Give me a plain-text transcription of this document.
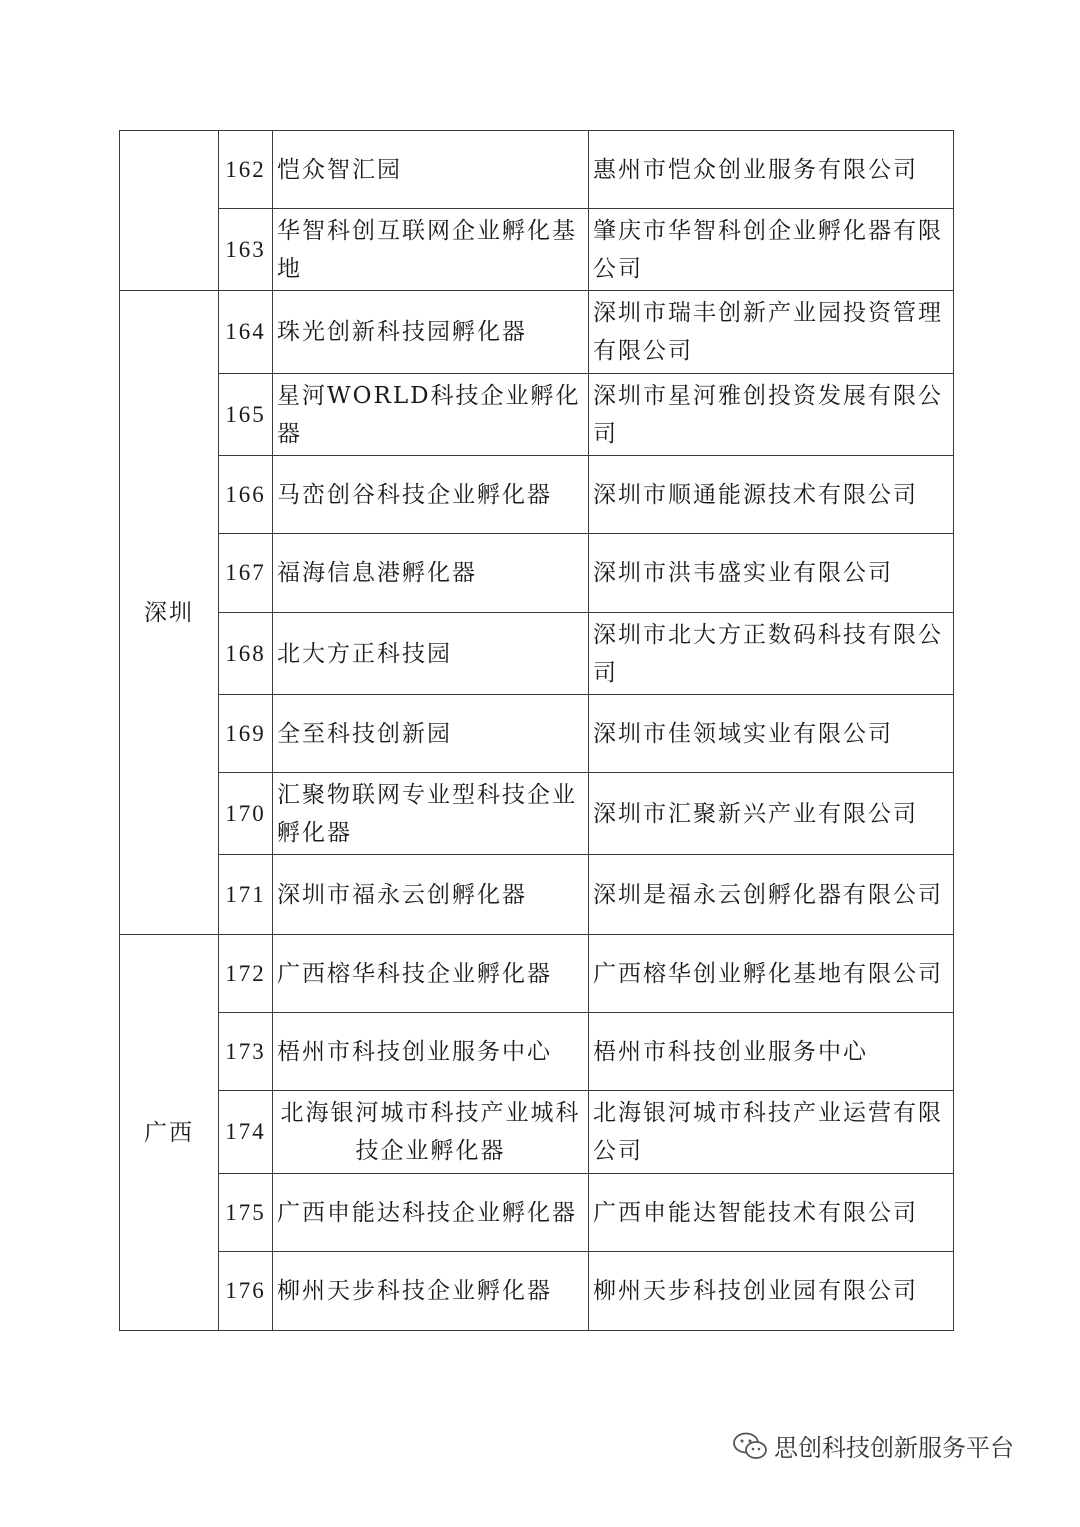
	162	恺众智汇园	惠州市恺众创业服务有限公司
	163	华智科创互联网企业孵化基地	肇庆市华智科创企业孵化器有限公司
深圳	164	珠光创新科技园孵化器	深圳市瑞丰创新产业园投资管理有限公司
	165	星河WORLD科技企业孵化器	深圳市星河雅创投资发展有限公司
	166	马峦创谷科技企业孵化器	深圳市顺通能源技术有限公司
	167	福海信息港孵化器	深圳市洪韦盛实业有限公司
	168	北大方正科技园	深圳市北大方正数码科技有限公司
	169	全至科技创新园	深圳市佳领域实业有限公司
	170	汇聚物联网专业型科技企业孵化器	深圳市汇聚新兴产业有限公司
	171	深圳市福永云创孵化器	深圳是福永云创孵化器有限公司
广西	172	广西榕华科技企业孵化器	广西榕华创业孵化基地有限公司
	173	梧州市科技创业服务中心	梧州市科技创业服务中心
	174	北海银河城市科技产业城科技企业孵化器	北海银河城市科技产业运营有限公司
	175	广西申能达科技企业孵化器	广西申能达智能技术有限公司
	176	柳州天步科技企业孵化器	柳州天步科技创业园有限公司
思创科技创新服务平台
